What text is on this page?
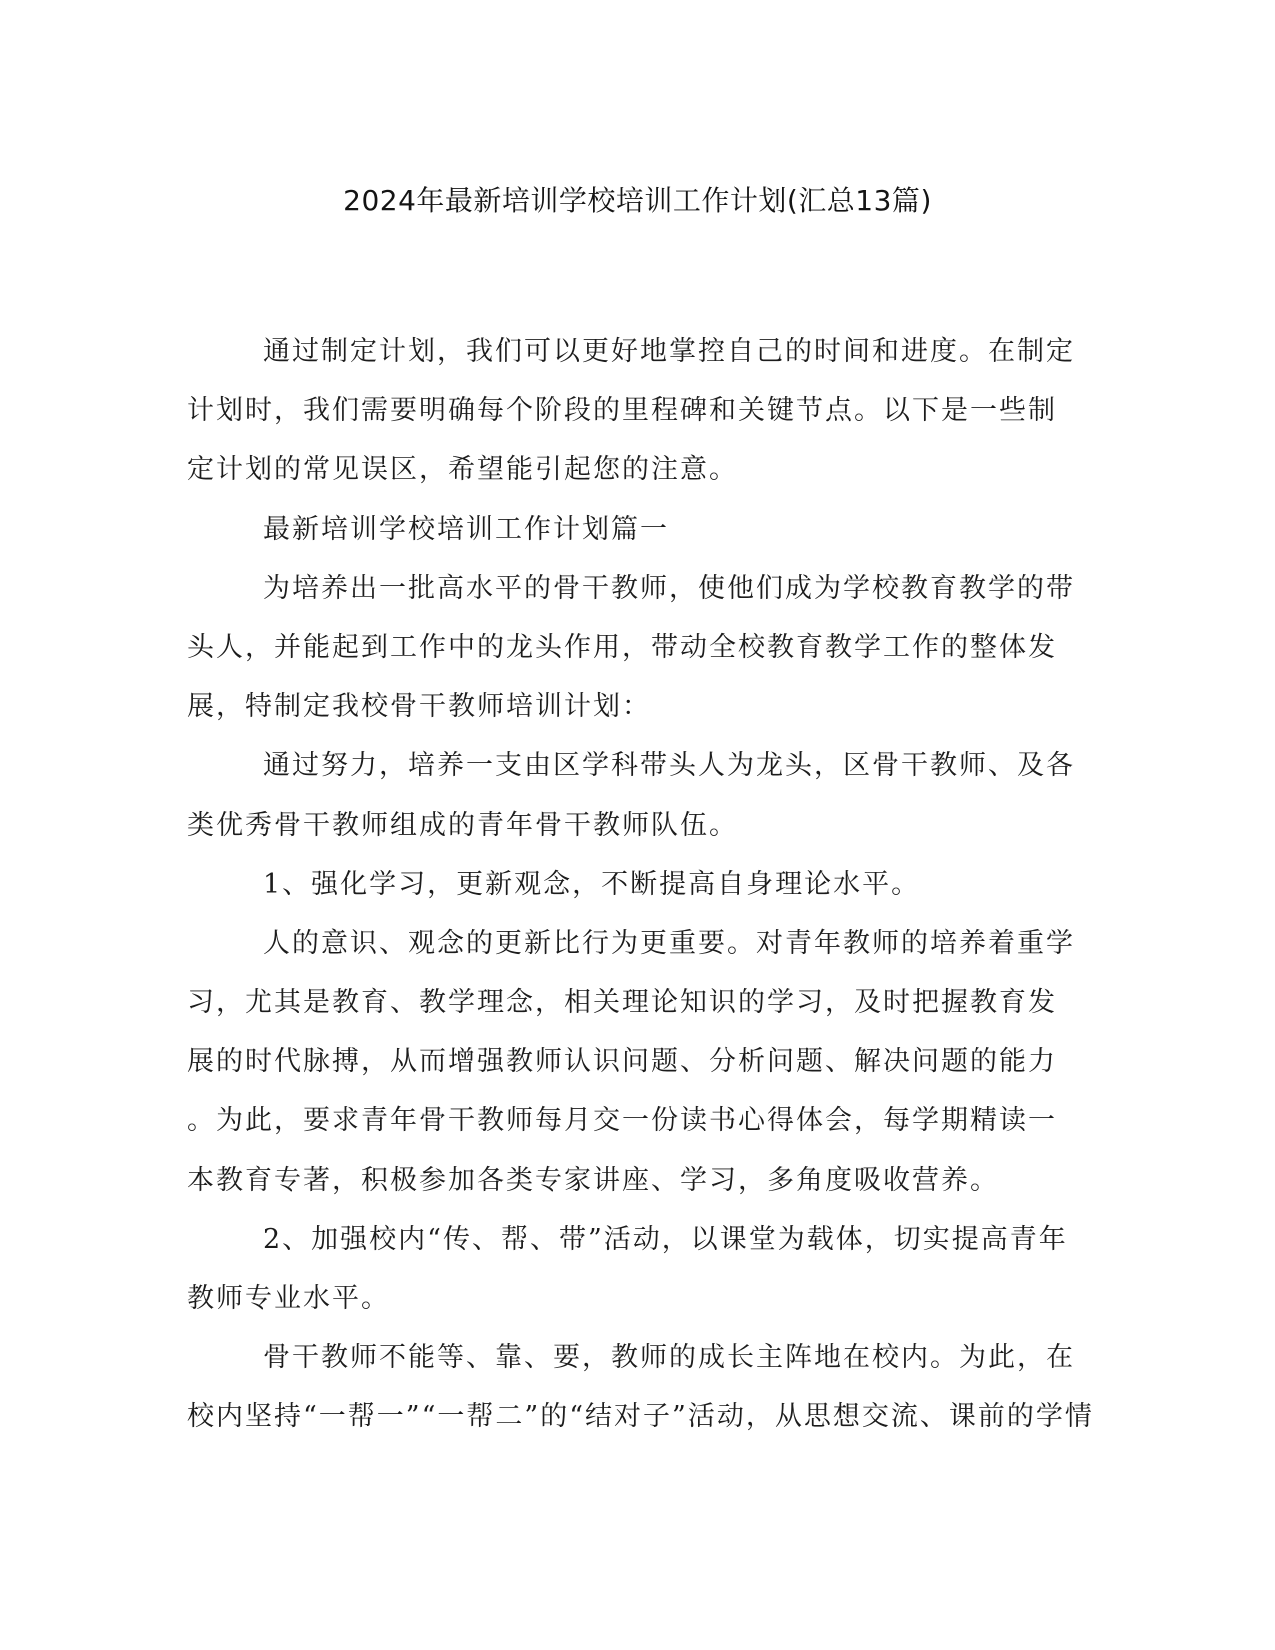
2024年最新培训学校培训工作计划(汇总13篇)
通过制定计划，我们可以更好地掌控自己的时间和进度。在制定
计划时，我们需要明确每个阶段的里程碑和关键节点。以下是一些制
定计划的常见误区，希望能引起您的注意。
最新培训学校培训工作计划篇一
为培养出一批高水平的骨干教师，使他们成为学校教育教学的带
头人，并能起到工作中的龙头作用，带动全校教育教学工作的整体发
展，特制定我校骨干教师培训计划：
通过努力，培养一支由区学科带头人为龙头，区骨干教师、及各
类优秀骨干教师组成的青年骨干教师队伍。
1、强化学习，更新观念，不断提高自身理论水平。
人的意识、观念的更新比行为更重要。对青年教师的培养着重学
习，尤其是教育、教学理念，相关理论知识的学习，及时把握教育发
展的时代脉搏，从而增强教师认识问题、分析问题、解决问题的能力
。为此，要求青年骨干教师每月交一份读书心得体会，每学期精读一
本教育专著，积极参加各类专家讲座、学习，多角度吸收营养。
2、加强校内“传、帮、带”活动，以课堂为载体，切实提高青年
教师专业水平。
骨干教师不能等、靠、要，教师的成长主阵地在校内。为此，在
校内坚持“一帮一”“一帮二”的“结对子”活动，从思想交流、课前的学情
